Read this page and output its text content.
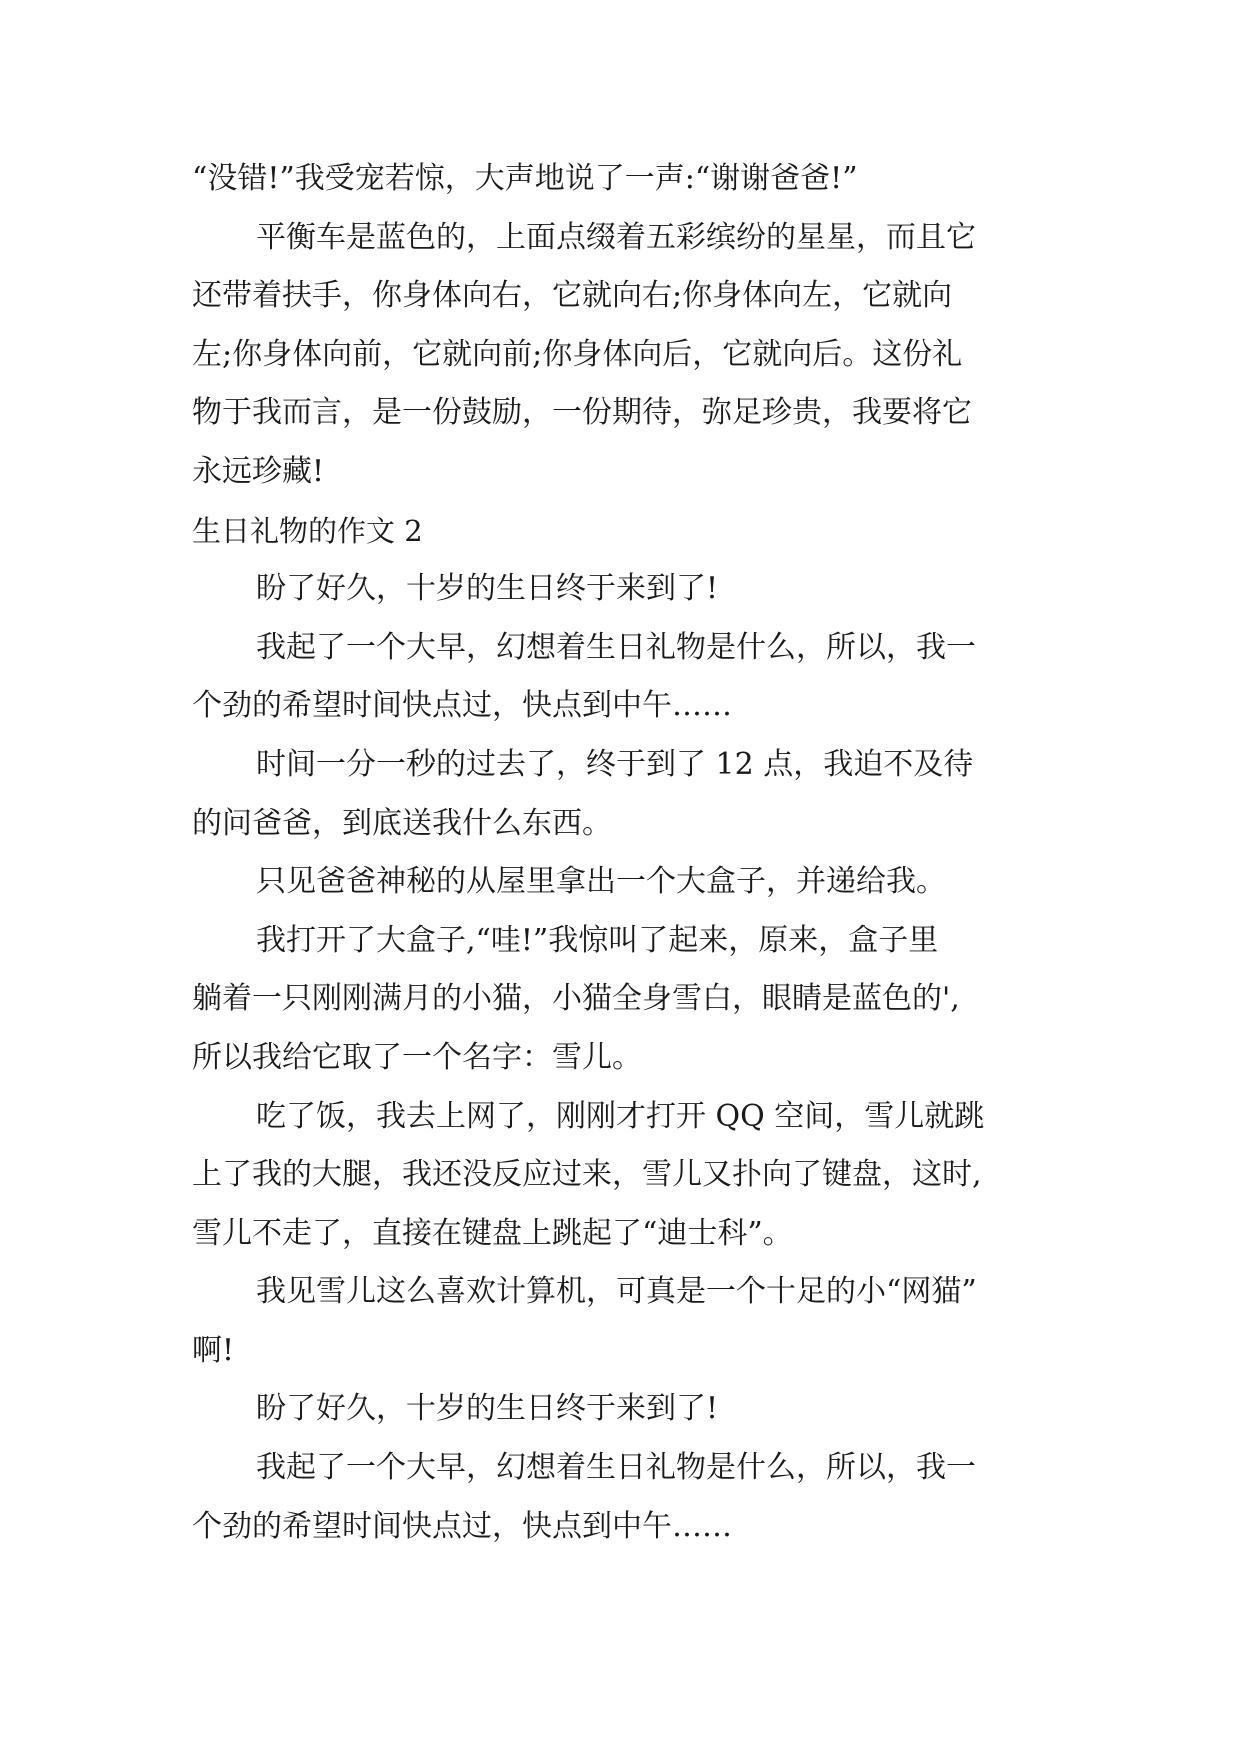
“没错!”我受宠若惊，大声地说了一声:“谢谢爸爸!”
平衡车是蓝色的，上面点缀着五彩缤纷的星星，而且它
还带着扶手，你身体向右，它就向右;你身体向左，它就向
左;你身体向前，它就向前;你身体向后，它就向后。这份礼
物于我而言，是一份鼓励，一份期待，弥足珍贵，我要将它
永远珍藏!
生日礼物的作文 2
盼了好久，十岁的生日终于来到了!
我起了一个大早，幻想着生日礼物是什么，所以，我一
个劲的希望时间快点过，快点到中午……
时间一分一秒的过去了，终于到了 12 点，我迫不及待
的问爸爸，到底送我什么东西。
只见爸爸神秘的从屋里拿出一个大盒子，并递给我。
我打开了大盒子,“哇!”我惊叫了起来，原来，盒子里
躺着一只刚刚满月的小猫，小猫全身雪白，眼睛是蓝色的',
所以我给它取了一个名字：雪儿。
吃了饭，我去上网了，刚刚才打开 QQ 空间，雪儿就跳
上了我的大腿，我还没反应过来，雪儿又扑向了键盘，这时,
雪儿不走了，直接在键盘上跳起了“迪士科”。
我见雪儿这么喜欢计算机，可真是一个十足的小“网猫”
啊!
盼了好久，十岁的生日终于来到了!
我起了一个大早，幻想着生日礼物是什么，所以，我一
个劲的希望时间快点过，快点到中午……
